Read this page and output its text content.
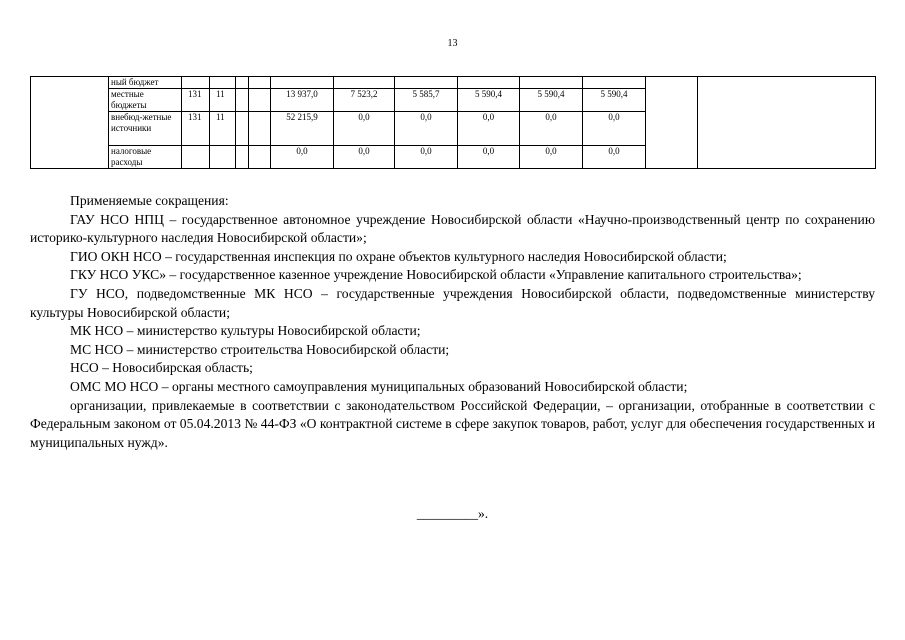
13
	ный бюджет												
	местные бюджеты	131	11			13 937,0	7 523,2	5 585,7	5 590,4	5 590,4	5 590,4		
	внебюд-жетные источники	131	11			52 215,9	0,0	0,0	0,0	0,0	0,0		
	налоговые расходы					0,0	0,0	0,0	0,0	0,0	0,0		

Применяемые сокращения:

ГАУ НСО НПЦ – государственное автономное учреждение Новосибирской области «Научно-производственный центр по сохранению историко-культурного наследия Новосибирской области»;

ГИО ОКН НСО – государственная инспекция по охране объектов культурного наследия Новосибирской области;

ГКУ НСО УКС» – государственное казенное учреждение Новосибирской области «Управление капитального строительства»;

ГУ НСО, подведомственные МК НСО – государственные учреждения Новосибирской области, подведомственные министерству культуры Новосибирской области;

МК НСО – министерство культуры Новосибирской области;

МС НСО – министерство строительства Новосибирской области;

НСО – Новосибирская область;

ОМС МО НСО – органы местного самоуправления муниципальных образований Новосибирской области;

организации, привлекаемые в соответствии с законодательством Российской Федерации, – организации, отобранные в соответствии с Федеральным законом от 05.04.2013 № 44-ФЗ «О контрактной системе в сфере закупок товаров, работ, услуг для обеспечения государственных и муниципальных нужд».

_________».
